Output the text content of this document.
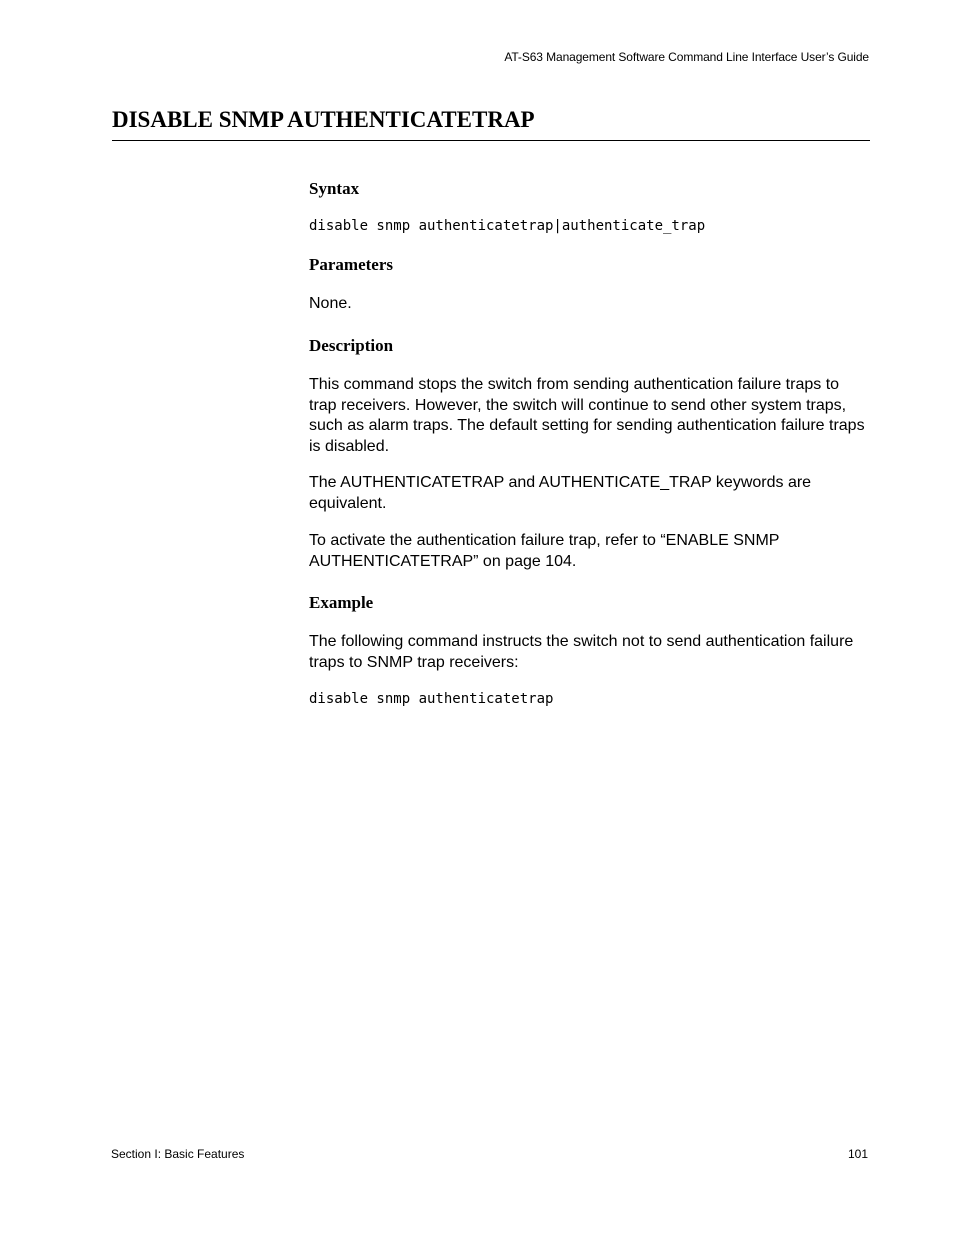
AT-S63 Management Software Command Line Interface User’s Guide
DISABLE SNMP AUTHENTICATETRAP
Syntax
disable snmp authenticatetrap|authenticate_trap
Parameters

None.

Description

This command stops the switch from sending authentication failure traps to trap receivers. However, the switch will continue to send other system traps, such as alarm traps. The default setting for sending authentication failure traps is disabled.

The AUTHENTICATETRAP and AUTHENTICATE_TRAP keywords are equivalent.

To activate the authentication failure trap, refer to “ENABLE SNMP AUTHENTICATETRAP” on page 104.

Example

The following command instructs the switch not to send authentication failure traps to SNMP trap receivers:

disable snmp authenticatetrap
Section I: Basic Features	101
